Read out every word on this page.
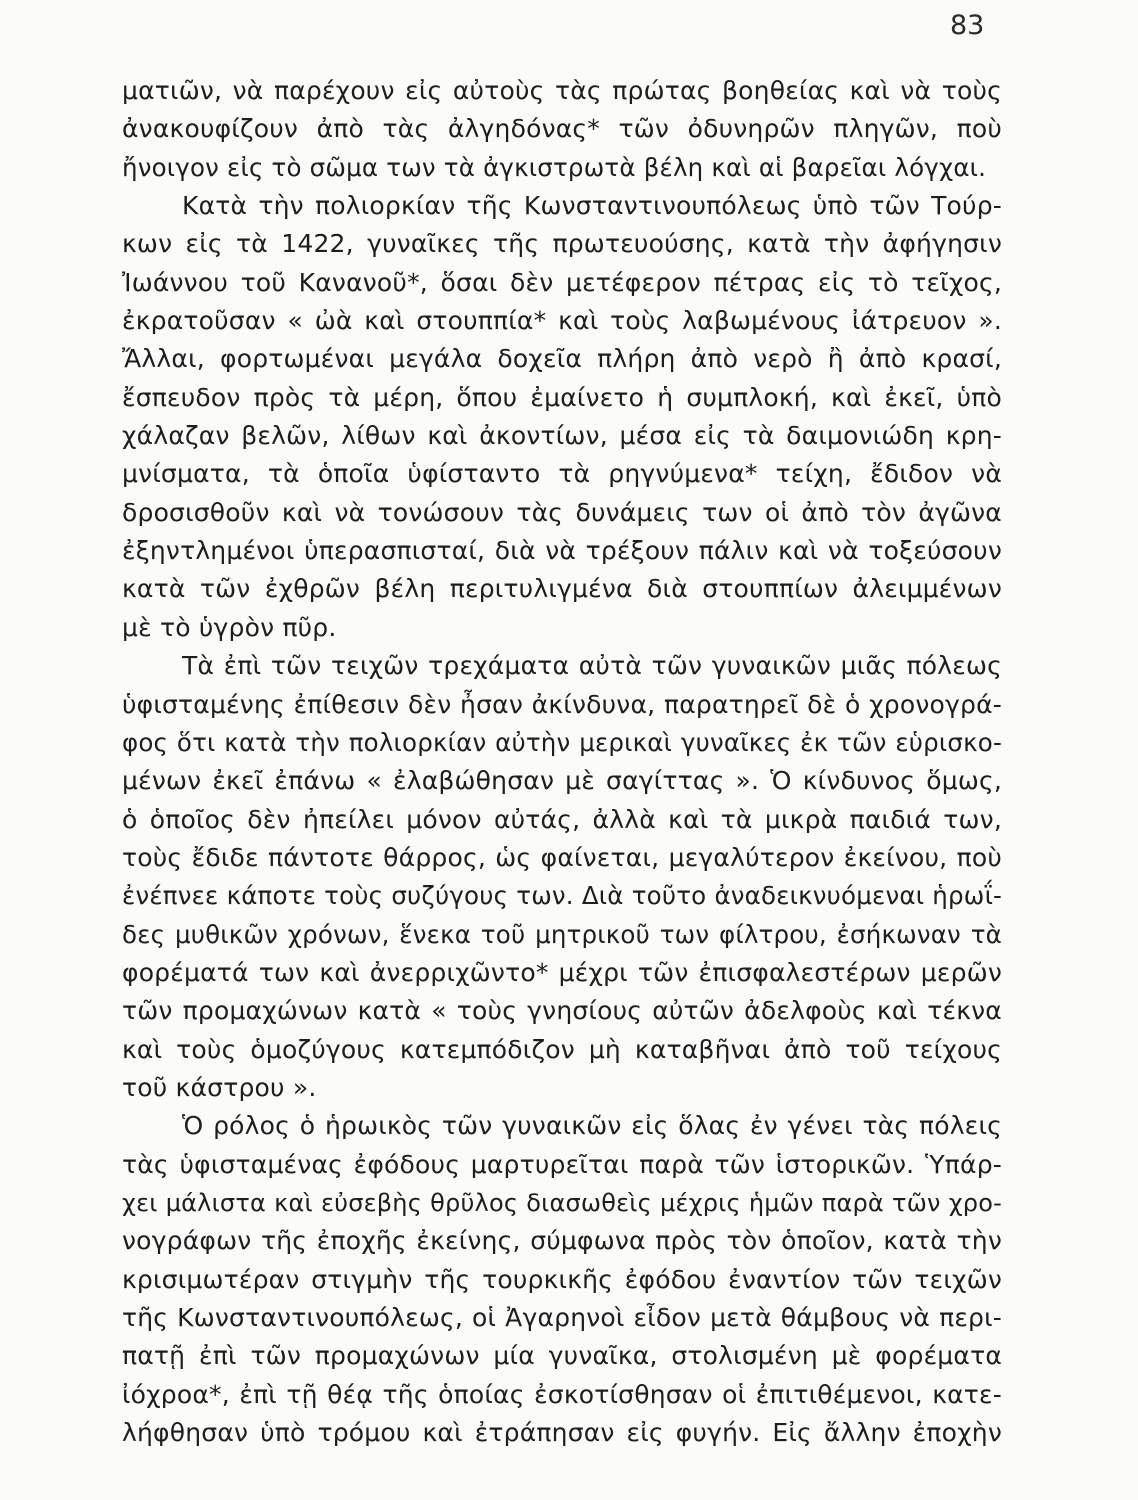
83
ματιῶν, νὰ παρέχουν εἰς αὐτοὺς τὰς πρώτας βοηθείας καὶ νὰ τοὺς
ἀνακουφίζουν ἀπὸ τὰς ἀλγηδόνας* τῶν ὀδυνηρῶν πληγῶν, ποὺ
ἤνοιγον εἰς τὸ σῶμα των τὰ ἀγκιστρωτὰ βέλη καὶ αἱ βαρεῖαι λόγχαι.
Κατὰ τὴν πολιορκίαν τῆς Κωνσταντινουπόλεως ὑπὸ τῶν Τούρ-
κων εἰς τὰ 1422, γυναῖκες τῆς πρωτευούσης, κατὰ τὴν ἀφήγησιν
Ἰωάννου τοῦ Κανανοῦ*, ὅσαι δὲν μετέφερον πέτρας εἰς τὸ τεῖχος,
ἐκρατοῦσαν « ὠὰ καὶ στουππία* καὶ τοὺς λαβωμένους ἰάτρευον ».
Ἄλλαι, φορτωμέναι μεγάλα δοχεῖα πλήρη ἀπὸ νερὸ ἢ ἀπὸ κρασί,
ἔσπευδον πρὸς τὰ μέρη, ὅπου ἐμαίνετο ἡ συμπλοκή, καὶ ἐκεῖ, ὑπὸ
χάλαζαν βελῶν, λίθων καὶ ἀκοντίων, μέσα εἰς τὰ δαιμονιώδη κρη-
μνίσματα, τὰ ὁποῖα ὑφίσταντο τὰ ρηγνύμενα* τείχη, ἔδιδον νὰ
δροσισθοῦν καὶ νὰ τονώσουν τὰς δυνάμεις των οἱ ἀπὸ τὸν ἀγῶνα
ἐξηντλημένοι ὑπερασπισταί, διὰ νὰ τρέξουν πάλιν καὶ νὰ τοξεύσουν
κατὰ τῶν ἐχθρῶν βέλη περιτυλιγμένα διὰ στουππίων ἀλειμμένων
μὲ τὸ ὑγρὸν πῦρ.
Τὰ ἐπὶ τῶν τειχῶν τρεχάματα αὐτὰ τῶν γυναικῶν μιᾶς πόλεως
ὑφισταμένης ἐπίθεσιν δὲν ἦσαν ἀκίνδυνα, παρατηρεῖ δὲ ὁ χρονογρά-
φος ὅτι κατὰ τὴν πολιορκίαν αὐτὴν μερικαὶ γυναῖκες ἐκ τῶν εὑρισκο-
μένων ἐκεῖ ἐπάνω « ἐλαβώθησαν μὲ σαγίττας ». Ὁ κίνδυνος ὅμως,
ὁ ὁποῖος δὲν ἠπείλει μόνον αὐτάς, ἀλλὰ καὶ τὰ μικρὰ παιδιά των,
τοὺς ἔδιδε πάντοτε θάρρος, ὡς φαίνεται, μεγαλύτερον ἐκείνου, ποὺ
ἐνέπνεε κάποτε τοὺς συζύγους των. Διὰ τοῦτο ἀναδεικνυόμεναι ἡρωΐ-
δες μυθικῶν χρόνων, ἕνεκα τοῦ μητρικοῦ των φίλτρου, ἐσήκωναν τὰ
φορέματά των καὶ ἀνερριχῶντο* μέχρι τῶν ἐπισφαλεστέρων μερῶν
τῶν προμαχώνων κατὰ « τοὺς γνησίους αὐτῶν ἀδελφοὺς καὶ τέκνα
καὶ τοὺς ὁμοζύγους κατεμπόδιζον μὴ καταβῆναι ἀπὸ τοῦ τείχους
τοῦ κάστρου ».
Ὁ ρόλος ὁ ἡρωικὸς τῶν γυναικῶν εἰς ὅλας ἐν γένει τὰς πόλεις
τὰς ὑφισταμένας ἐφόδους μαρτυρεῖται παρὰ τῶν ἱστορικῶν. Ὑπάρ-
χει μάλιστα καὶ εὐσεβὴς θρῦλος διασωθεὶς μέχρις ἡμῶν παρὰ τῶν χρο-
νογράφων τῆς ἐποχῆς ἐκείνης, σύμφωνα πρὸς τὸν ὁποῖον, κατὰ τὴν
κρισιμωτέραν στιγμὴν τῆς τουρκικῆς ἐφόδου ἐναντίον τῶν τειχῶν
τῆς Κωνσταντινουπόλεως, οἱ Ἀγαρηνοὶ εἶδον μετὰ θάμβους νὰ περι-
πατῇ ἐπὶ τῶν προμαχώνων μία γυναῖκα, στολισμένη μὲ φορέματα
ἰόχροα*, ἐπὶ τῇ θέᾳ τῆς ὁποίας ἐσκοτίσθησαν οἱ ἐπιτιθέμενοι, κατε-
λήφθησαν ὑπὸ τρόμου καὶ ἐτράπησαν εἰς φυγήν. Εἰς ἄλλην ἐποχὴν
